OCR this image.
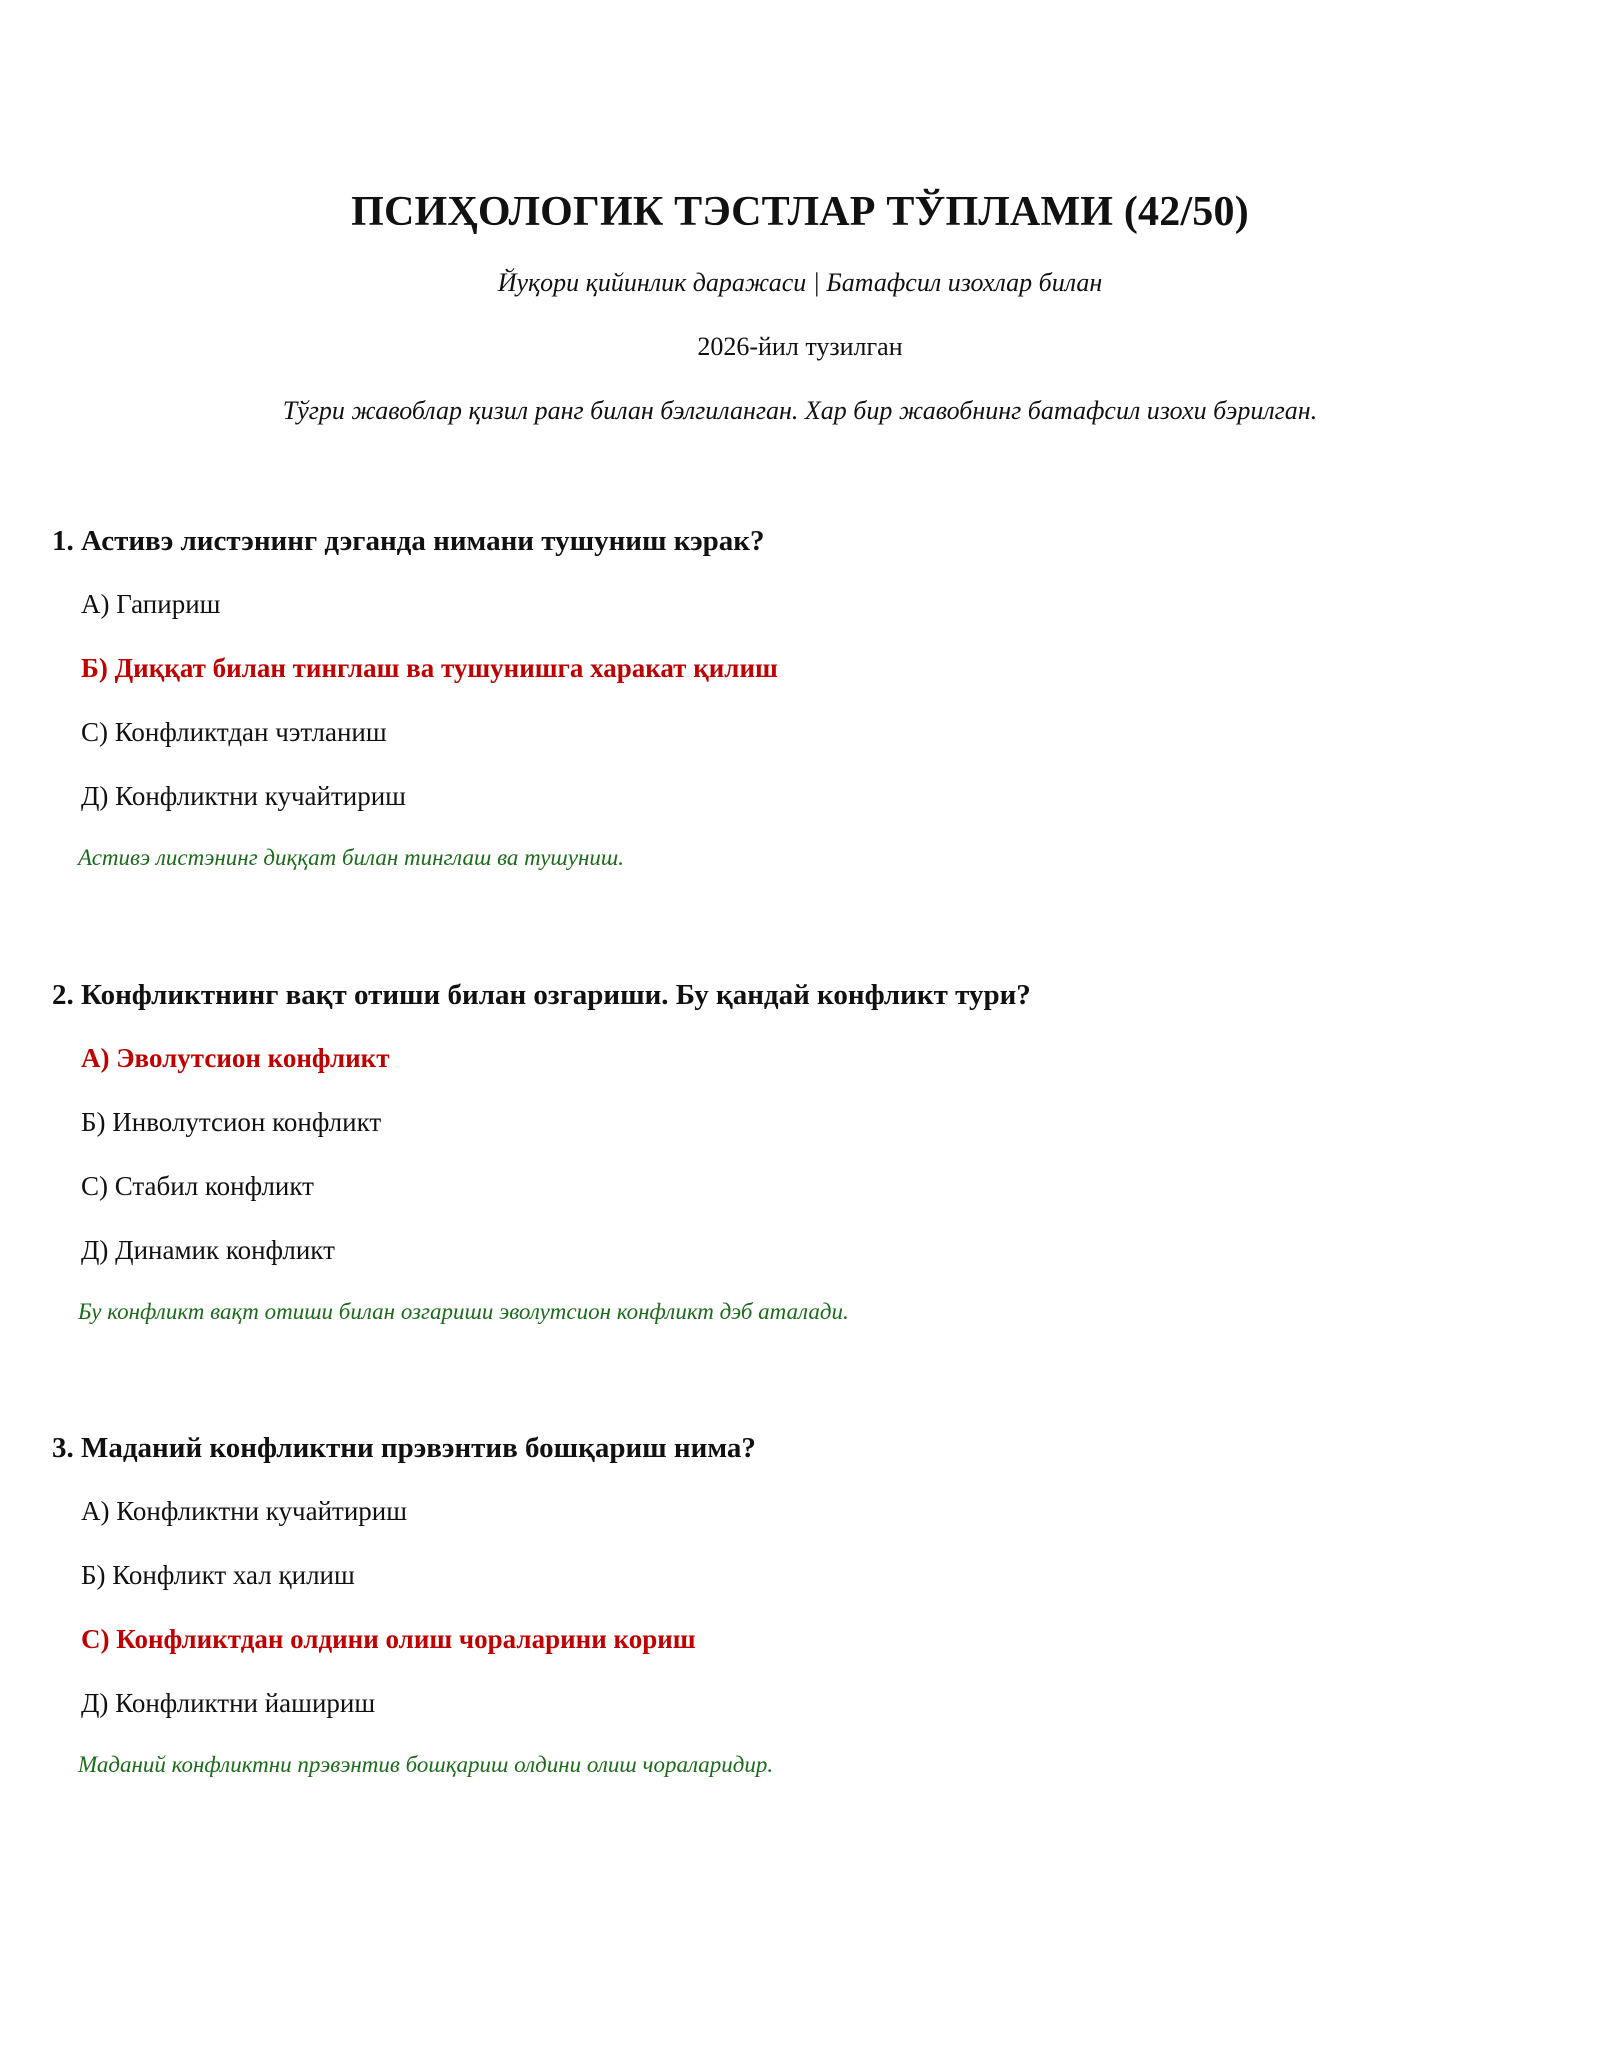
ПСИҲОЛОГИК ТЭСТЛАР ТЎПЛАМИ (42/50)

Йуқори қийинлик даражаси | Батафсил изохлар билан

2026-йил тузилган

Тўгри жавоблар қизил ранг билан бэлгиланган. Хар бир жавобнинг батафсил изохи бэрилган.

1. Астивэ листэнинг дэганда нимани тушуниш кэрак?

А) Гапириш

Б) Диққат билан тинглаш ва тушунишга харакат қилиш

С) Конфликтдан чэтланиш

Д) Конфликтни кучайтириш

Астивэ листэнинг диққат билан тинглаш ва тушуниш.

2. Конфликтнинг вақт отиши билан озгариши. Бу қандай конфликт тури?

А) Эволутсион конфликт

Б) Инволутсион конфликт

С) Стабил конфликт

Д) Динамик конфликт

Бу конфликт вақт отиши билан озгариши эволутсион конфликт дэб аталади.

3. Маданий конфликтни прэвэнтив бошқариш нима?

А) Конфликтни кучайтириш

Б) Конфликт хал қилиш

С) Конфликтдан олдини олиш чораларини кориш

Д) Конфликтни йашириш

Маданий конфликтни прэвэнтив бошқариш олдини олиш чораларидир.
